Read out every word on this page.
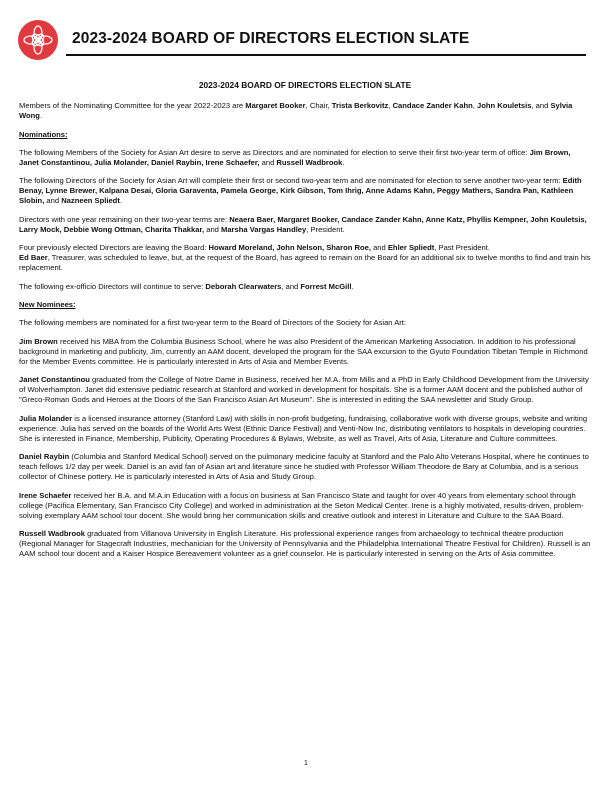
2023-2024 BOARD OF DIRECTORS ELECTION SLATE
2023-2024 BOARD OF DIRECTORS ELECTION SLATE

Members of the Nominating Committee for the year 2022-2023 are Margaret Booker, Chair, Trista Berkovitz, Candace Zander Kahn, John Kouletsis, and Sylvia Wong.

Nominations:

The following Members of the Society for Asian Art desire to serve as Directors and are nominated for election to serve their first two-year term of office: Jim Brown, Janet Constantinou, Julia Molander, Daniel Raybin, Irene Schaefer, and Russell Wadbrook.

The following Directors of the Society for Asian Art will complete their first or second two-year term and are nominated for election to serve another two-year term: Edith Benay, Lynne Brewer, Kalpana Desai, Gloria Garaventa, Pamela George, Kirk Gibson, Tom Ihrig, Anne Adams Kahn, Peggy Mathers, Sandra Pan, Kathleen Slobin, and Nazneen Spliedt.

Directors with one year remaining on their two-year terms are: Neaera Baer, Margaret Booker, Candace Zander Kahn, Anne Katz, Phyllis Kempner, John Kouletsis, Larry Mock, Debbie Wong Ottman, Charita Thakkar, and Marsha Vargas Handley, President.

Four previously elected Directors are leaving the Board: Howard Moreland, John Nelson, Sharon Roe, and Ehler Spliedt, Past President.
Ed Baer, Treasurer, was scheduled to leave, but, at the request of the Board, has agreed to remain on the Board for an additional six to twelve months to find and train his replacement.

The following ex-officio Directors will continue to serve: Deborah Clearwaters, and Forrest McGill.

New Nominees:

The following members are nominated for a first two-year term to the Board of Directors of the Society for Asian Art:

Jim Brown received his MBA from the Columbia Business School, where he was also President of the American Marketing Association. In addition to his professional background in marketing and publicity, Jim, currently an AAM docent, developed the program for the SAA excursion to the Gyuto Foundation Tibetan Temple in Richmond for the Member Events committee. He is particularly interested in Arts of Asia and Member Events.

Janet Constantinou graduated from the College of Notre Dame in Business, received her M.A. from Mills and a PhD in Early Childhood Development from the University of Wolverhampton. Janet did extensive pediatric research at Stanford and worked in development for hospitals. She is a former AAM docent and the published author of "Greco-Roman Gods and Heroes at the Doors of the San Francisco Asian Art Museum". She is interested in editing the SAA newsletter and Study Group.

Julia Molander is a licensed insurance attorney (Stanford Law) with skills in non-profit budgeting, fundraising, collaborative work with diverse groups, website and writing experience. Julia has served on the boards of the World Arts West (Ethnic Dance Festival) and Venti-Now Inc, distributing ventilators to hospitals in developing countries. She is interested in Finance, Membership, Publicity, Operating Procedures & Bylaws, Website, as well as Travel, Arts of Asia, Literature and Culture committees.

Daniel Raybin (Columbia and Stanford Medical School) served on the pulmonary medicine faculty at Stanford and the Palo Alto Veterans Hospital, where he continues to teach fellows 1/2 day per week. Daniel is an avid fan of Asian art and literature since he studied with Professor William Theodore de Bary at Columbia, and is a serious collector of Chinese pottery. He is particularly interested in Arts of Asia and Study Group.

Irene Schaefer received her B.A. and M.A.in Education with a focus on business at San Francisco State and taught for over 40 years from elementary school through college (Pacifica Elementary, San Francisco City College) and worked in administration at the Seton Medical Center. Irene is a highly motivated, results-driven, problem-solving exemplary AAM school tour docent. She would bring her communication skills and creative outlook and interest in Literature and Culture to the SAA Board.

Russell Wadbrook graduated from Villanova University in English Literature. His professional experience ranges from archaeology to technical theatre production (Regional Manager for Stagecraft Industries, mechanician for the University of Pennsylvania and the Philadelphia International Theatre Festival for Children). Russell is an AAM school tour docent and a Kaiser Hospice Bereavement volunteer as a grief counselor. He is particularly interested in serving on the Arts of Asia committee.

1
